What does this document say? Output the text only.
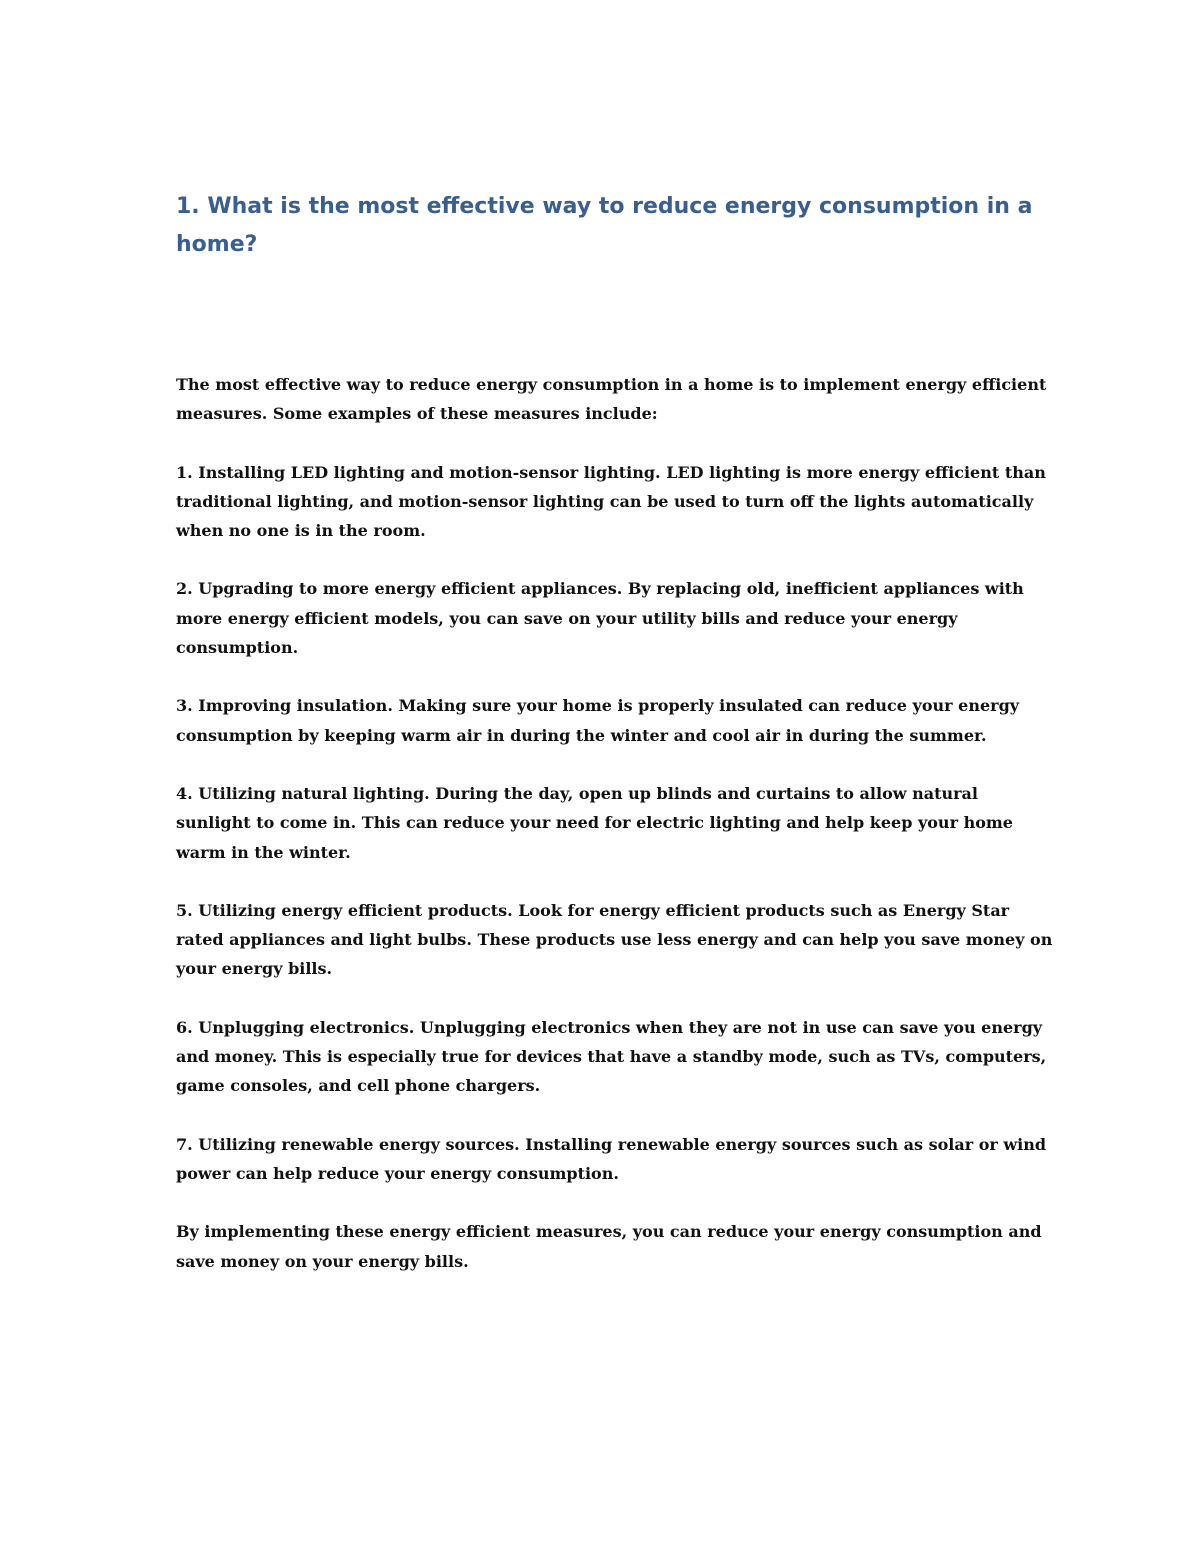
1. What is the most effective way to reduce energy consumption in a home?

The most effective way to reduce energy consumption in a home is to implement energy efficient measures. Some examples of these measures include:

1. Installing LED lighting and motion-sensor lighting. LED lighting is more energy efficient than traditional lighting, and motion-sensor lighting can be used to turn off the lights automatically when no one is in the room.

2. Upgrading to more energy efficient appliances. By replacing old, inefficient appliances with more energy efficient models, you can save on your utility bills and reduce your energy consumption.

3. Improving insulation. Making sure your home is properly insulated can reduce your energy consumption by keeping warm air in during the winter and cool air in during the summer.

4. Utilizing natural lighting. During the day, open up blinds and curtains to allow natural sunlight to come in. This can reduce your need for electric lighting and help keep your home warm in the winter.

5. Utilizing energy efficient products. Look for energy efficient products such as Energy Star rated appliances and light bulbs. These products use less energy and can help you save money on your energy bills.

6. Unplugging electronics. Unplugging electronics when they are not in use can save you energy and money. This is especially true for devices that have a standby mode, such as TVs, computers, game consoles, and cell phone chargers.

7. Utilizing renewable energy sources. Installing renewable energy sources such as solar or wind power can help reduce your energy consumption.

By implementing these energy efficient measures, you can reduce your energy consumption and save money on your energy bills.
